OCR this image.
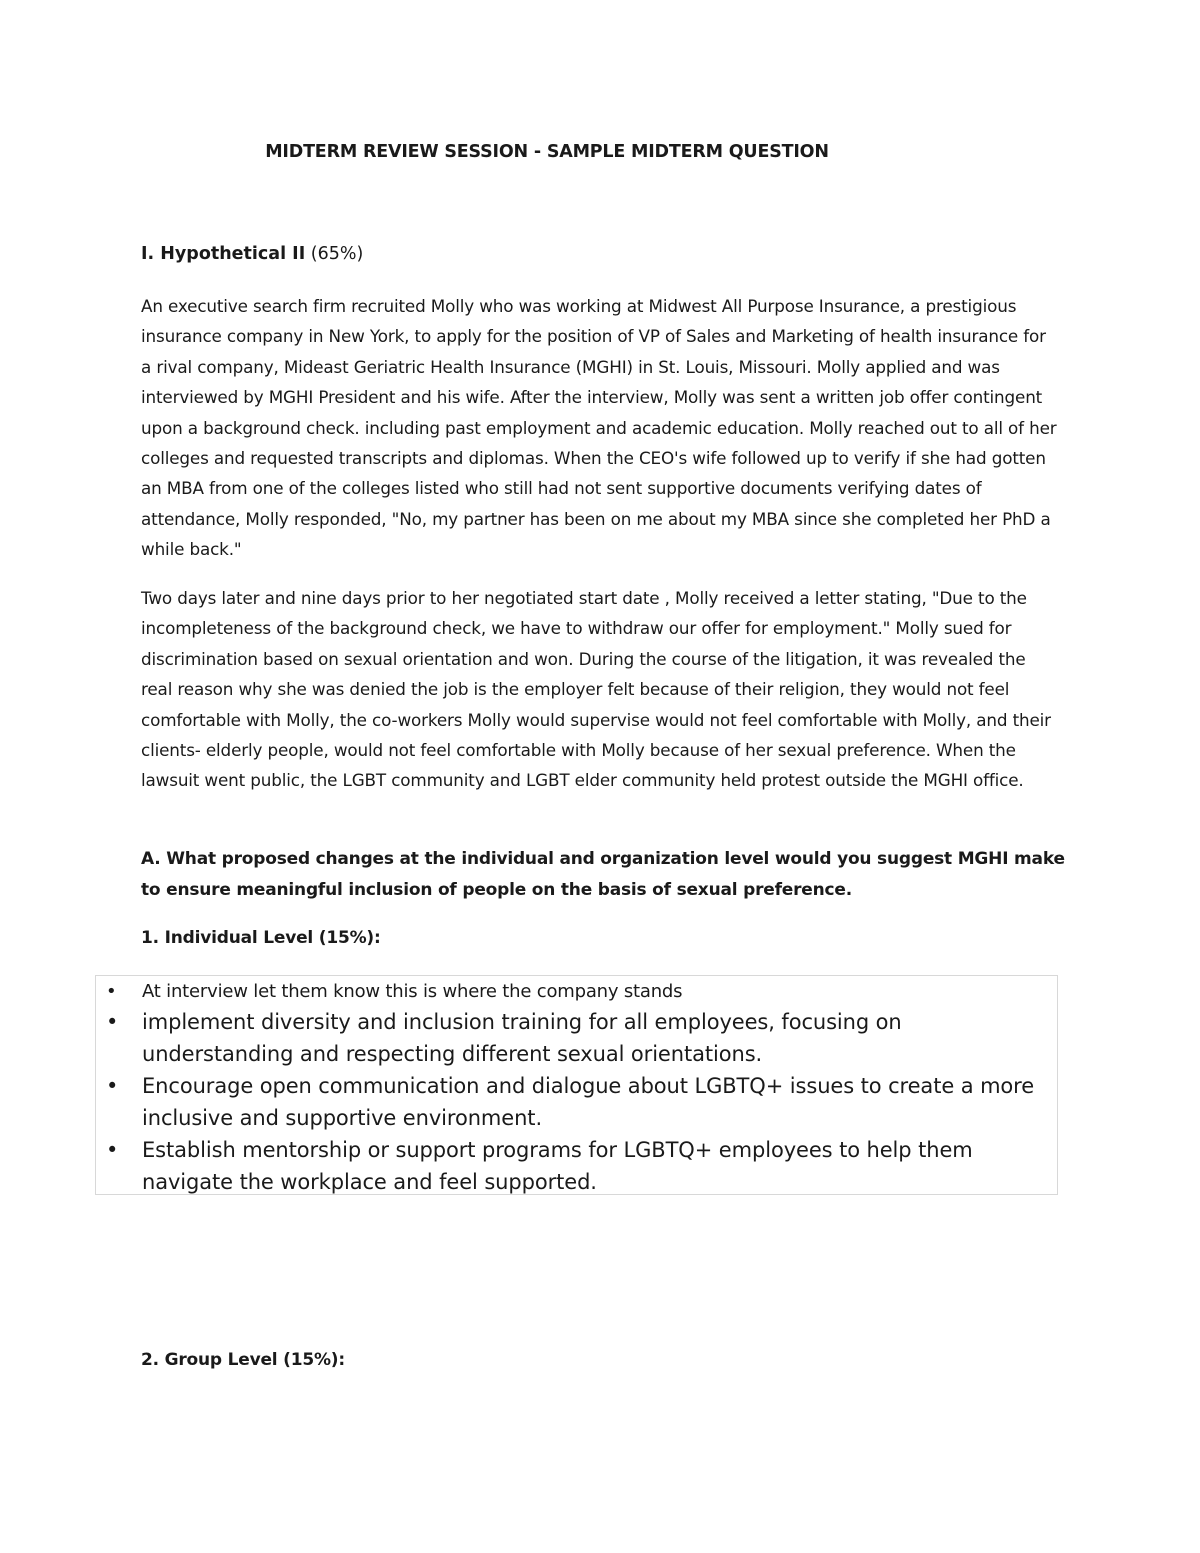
MIDTERM REVIEW SESSION - SAMPLE MIDTERM QUESTION
I. Hypothetical II (65%)
An executive search firm recruited Molly who was working at Midwest All Purpose Insurance, a prestigious insurance company in New York, to apply for the position of VP of Sales and Marketing of health insurance for a rival company, Mideast Geriatric Health Insurance (MGHI) in St. Louis, Missouri. Molly applied and was interviewed by MGHI President and his wife. After the interview, Molly was sent a written job offer contingent upon a background check. including past employment and academic education. Molly reached out to all of her colleges and requested transcripts and diplomas. When the CEO's wife followed up to verify if she had gotten an MBA from one of the colleges listed who still had not sent supportive documents verifying dates of attendance, Molly responded, "No, my partner has been on me about my MBA since she completed her PhD a while back."
Two days later and nine days prior to her negotiated start date , Molly received a letter stating, "Due to the incompleteness of the background check, we have to withdraw our offer for employment." Molly sued for discrimination based on sexual orientation and won. During the course of the litigation, it was revealed the real reason why she was denied the job is the employer felt because of their religion, they would not feel comfortable with Molly, the co-workers Molly would supervise would not feel comfortable with Molly, and their clients- elderly people, would not feel comfortable with Molly because of her sexual preference. When the lawsuit went public, the LGBT community and LGBT elder community held protest outside the MGHI office.
A. What proposed changes at the individual and organization level would you suggest MGHI make to ensure meaningful inclusion of people on the basis of sexual preference.
1. Individual Level (15%):
• At interview let them know this is where the company stands
• implement diversity and inclusion training for all employees, focusing on understanding and respecting different sexual orientations.
• Encourage open communication and dialogue about LGBTQ+ issues to create a more inclusive and supportive environment.
• Establish mentorship or support programs for LGBTQ+ employees to help them navigate the workplace and feel supported.
2. Group Level (15%):
